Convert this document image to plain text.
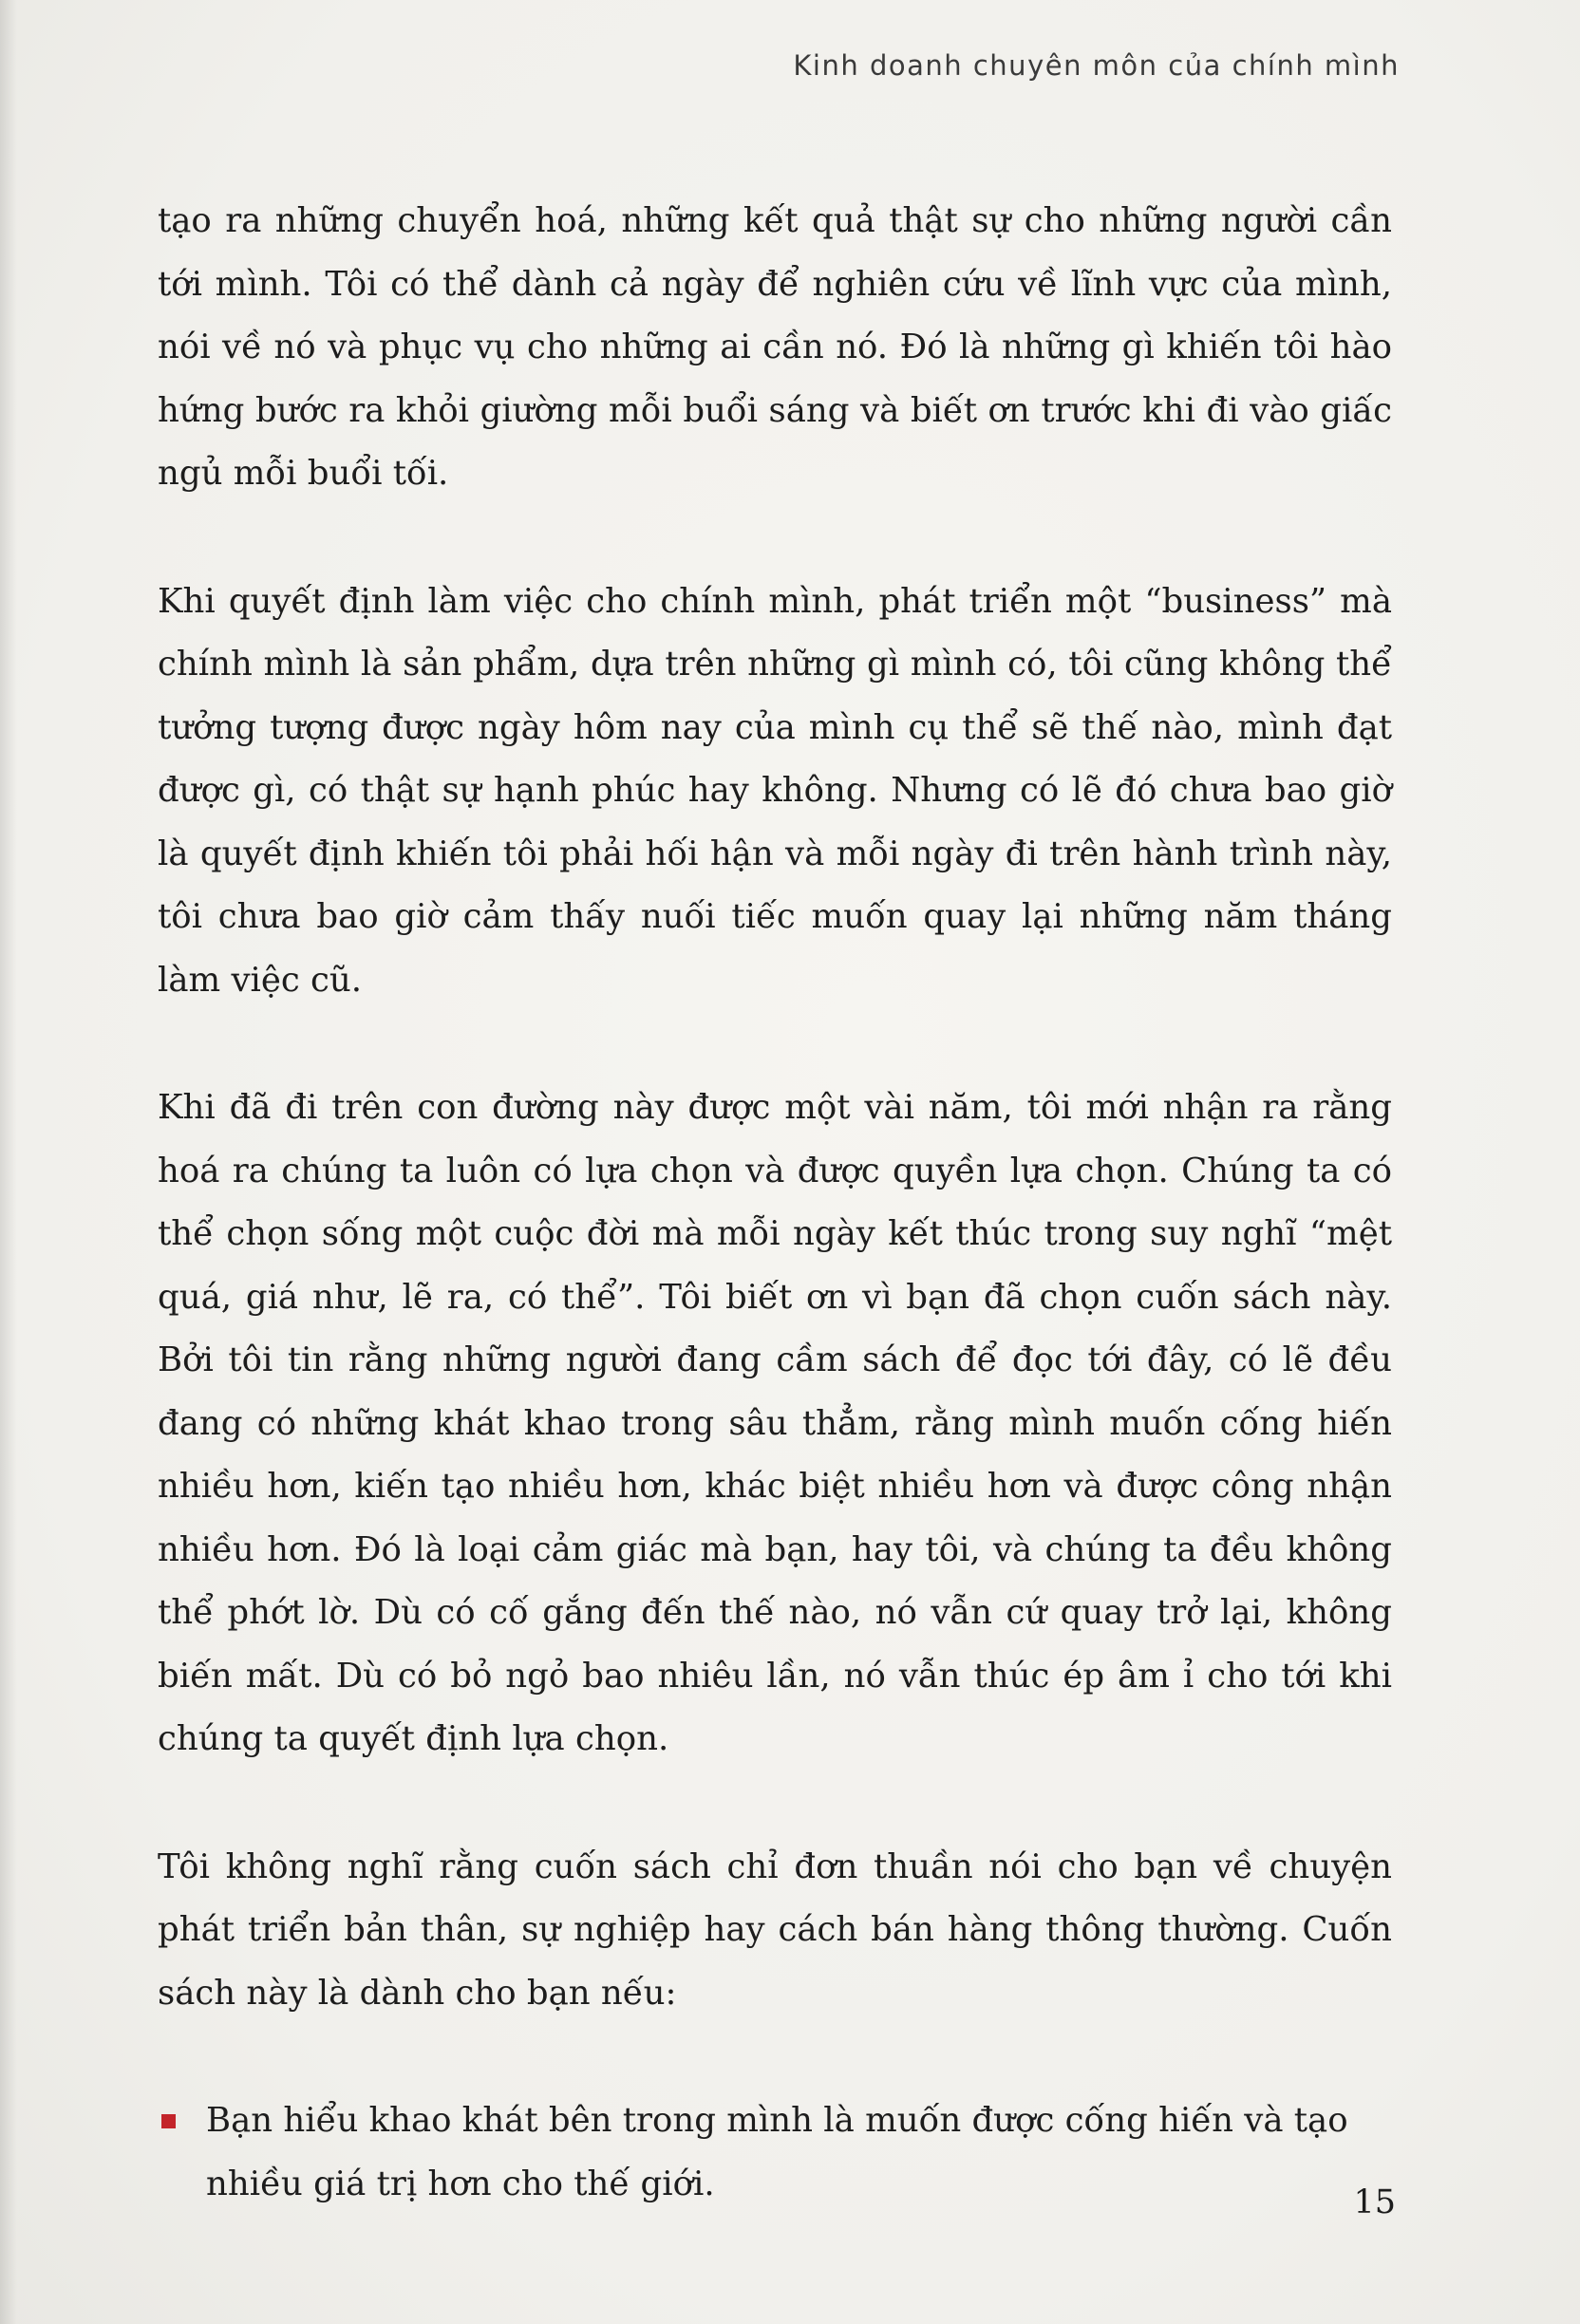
Kinh doanh chuyên môn của chính mình

tạo ra những chuyển hoá, những kết quả thật sự cho những người cần tới mình. Tôi có thể dành cả ngày để nghiên cứu về lĩnh vực của mình, nói về nó và phục vụ cho những ai cần nó. Đó là những gì khiến tôi hào hứng bước ra khỏi giường mỗi buổi sáng và biết ơn trước khi đi vào giấc ngủ mỗi buổi tối.

Khi quyết định làm việc cho chính mình, phát triển một “business” mà chính mình là sản phẩm, dựa trên những gì mình có, tôi cũng không thể tưởng tượng được ngày hôm nay của mình cụ thể sẽ thế nào, mình đạt được gì, có thật sự hạnh phúc hay không. Nhưng có lẽ đó chưa bao giờ là quyết định khiến tôi phải hối hận và mỗi ngày đi trên hành trình này, tôi chưa bao giờ cảm thấy nuối tiếc muốn quay lại những năm tháng làm việc cũ.

Khi đã đi trên con đường này được một vài năm, tôi mới nhận ra rằng hoá ra chúng ta luôn có lựa chọn và được quyền lựa chọn. Chúng ta có thể chọn sống một cuộc đời mà mỗi ngày kết thúc trong suy nghĩ “mệt quá, giá như, lẽ ra, có thể”. Tôi biết ơn vì bạn đã chọn cuốn sách này. Bởi tôi tin rằng những người đang cầm sách để đọc tới đây, có lẽ đều đang có những khát khao trong sâu thẳm, rằng mình muốn cống hiến nhiều hơn, kiến tạo nhiều hơn, khác biệt nhiều hơn và được công nhận nhiều hơn. Đó là loại cảm giác mà bạn, hay tôi, và chúng ta đều không thể phớt lờ. Dù có cố gắng đến thế nào, nó vẫn cứ quay trở lại, không biến mất. Dù có bỏ ngỏ bao nhiêu lần, nó vẫn thúc ép âm ỉ cho tới khi chúng ta quyết định lựa chọn.

Tôi không nghĩ rằng cuốn sách chỉ đơn thuần nói cho bạn về chuyện phát triển bản thân, sự nghiệp hay cách bán hàng thông thường. Cuốn sách này là dành cho bạn nếu:

Bạn hiểu khao khát bên trong mình là muốn được cống hiến và tạo nhiều giá trị hơn cho thế giới.	15
